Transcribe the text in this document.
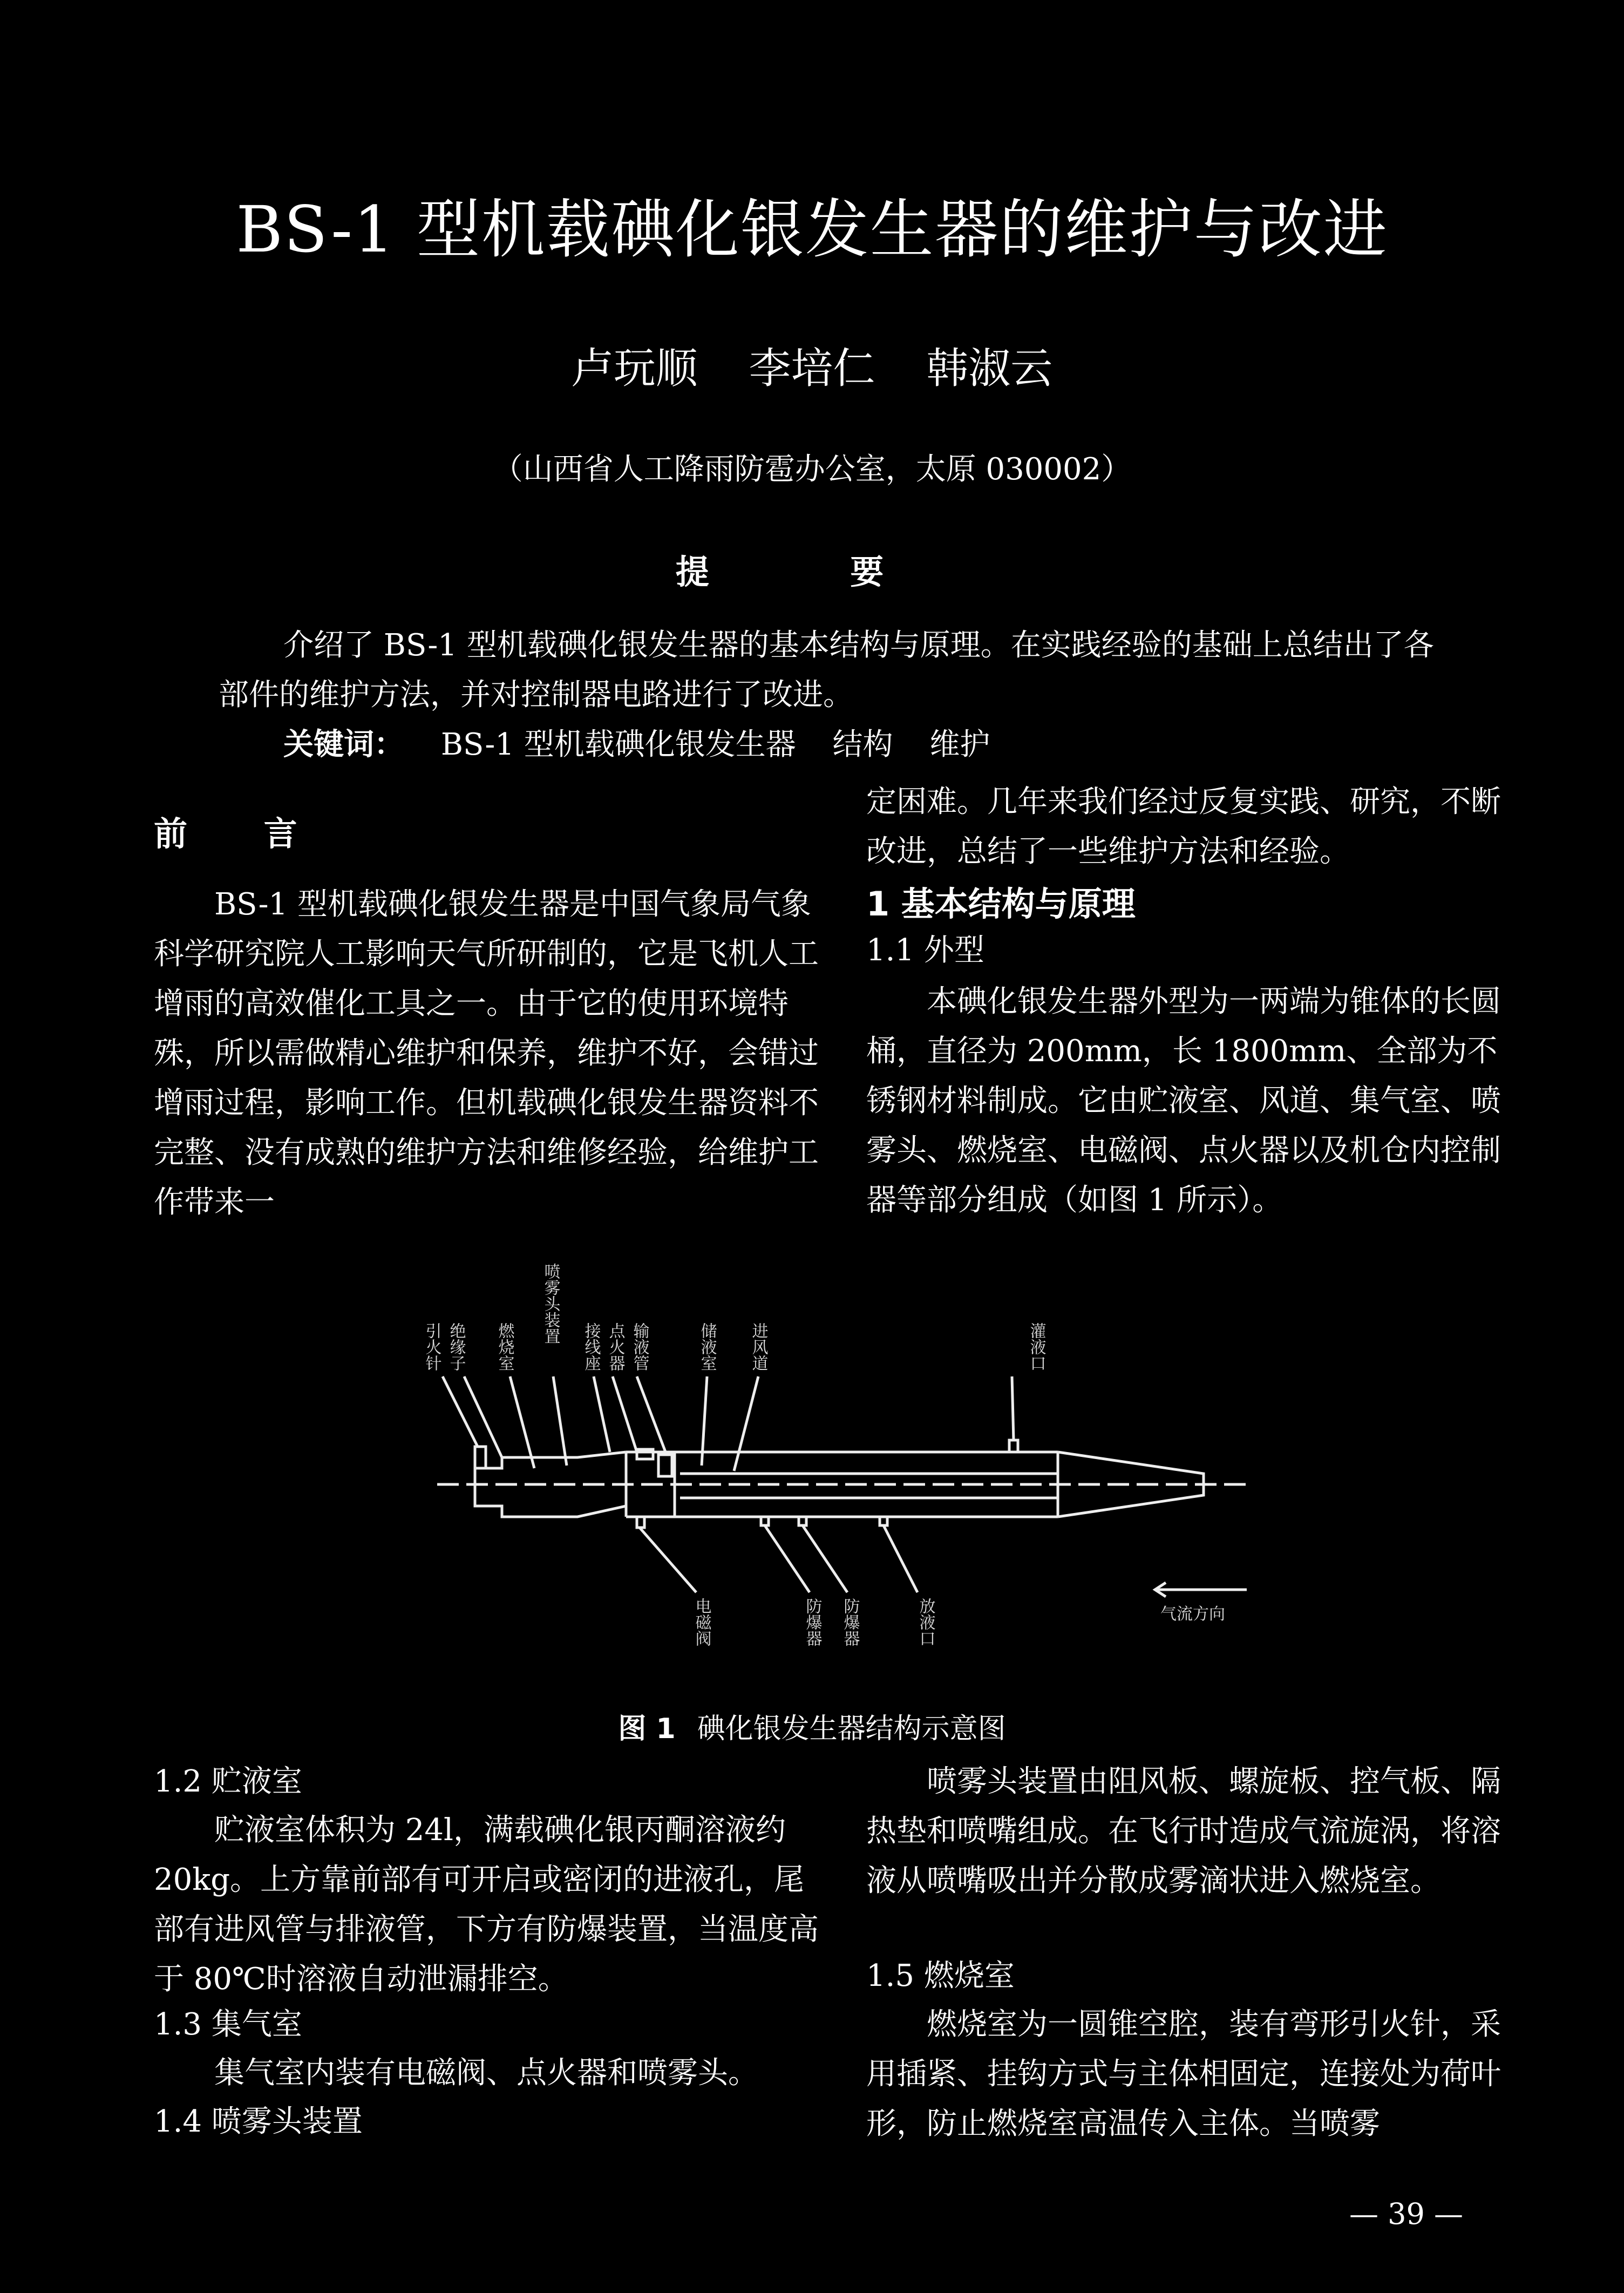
BS-1 型机载碘化银发生器的维护与改进
卢玩顺 李培仁 韩淑云
（山西省人工降雨防雹办公室，太原 030002）
提 要
介绍了 BS-1 型机载碘化银发生器的基本结构与原理。在实践经验的基础上总结出了各部件的维护方法，并对控制器电路进行了改进。
关键词： BS-1 型机载碘化银发生器 结构 维护
前 言
BS-1 型机载碘化银发生器是中国气象局气象科学研究院人工影响天气所研制的，它是飞机人工增雨的高效催化工具之一。由于它的使用环境特殊，所以需做精心维护和保养，维护不好，会错过增雨过程，影响工作。但机载碘化银发生器资料不完整、没有成熟的维护方法和维修经验，给维护工作带来一
定困难。几年来我们经过反复实践、研究，不断改进，总结了一些维护方法和经验。
1 基本结构与原理
1.1 外型
本碘化银发生器外型为一两端为锥体的长圆桶，直径为 200mm，长 1800mm、全部为不锈钢材料制成。它由贮液室、风道、集气室、喷雾头、燃烧室、电磁阀、点火器以及机仓内控制器等部分组成（如图 1 所示）。
引火针 绝缘子 燃烧室
喷雾头装置
接线座 点火器 输液管	储液室 进风道	灌液口
电磁阀	防爆器 防爆器	放液口	气流方向
图 1 碘化银发生器结构示意图
1.2 贮液室
贮液室体积为 24l，满载碘化银丙酮溶液约 20kg。上方靠前部有可开启或密闭的进液孔，尾部有进风管与排液管，下方有防爆装置，当温度高于 80℃时溶液自动泄漏排空。
1.3 集气室
集气室内装有电磁阀、点火器和喷雾头。
1.4 喷雾头装置
喷雾头装置由阻风板、螺旋板、控气板、隔热垫和喷嘴组成。在飞行时造成气流旋涡，将溶液从喷嘴吸出并分散成雾滴状进入燃烧室。
1.5 燃烧室
燃烧室为一圆锥空腔，装有弯形引火针，采用插紧、挂钩方式与主体相固定，连接处为荷叶形，防止燃烧室高温传入主体。当喷雾
— 39 —
